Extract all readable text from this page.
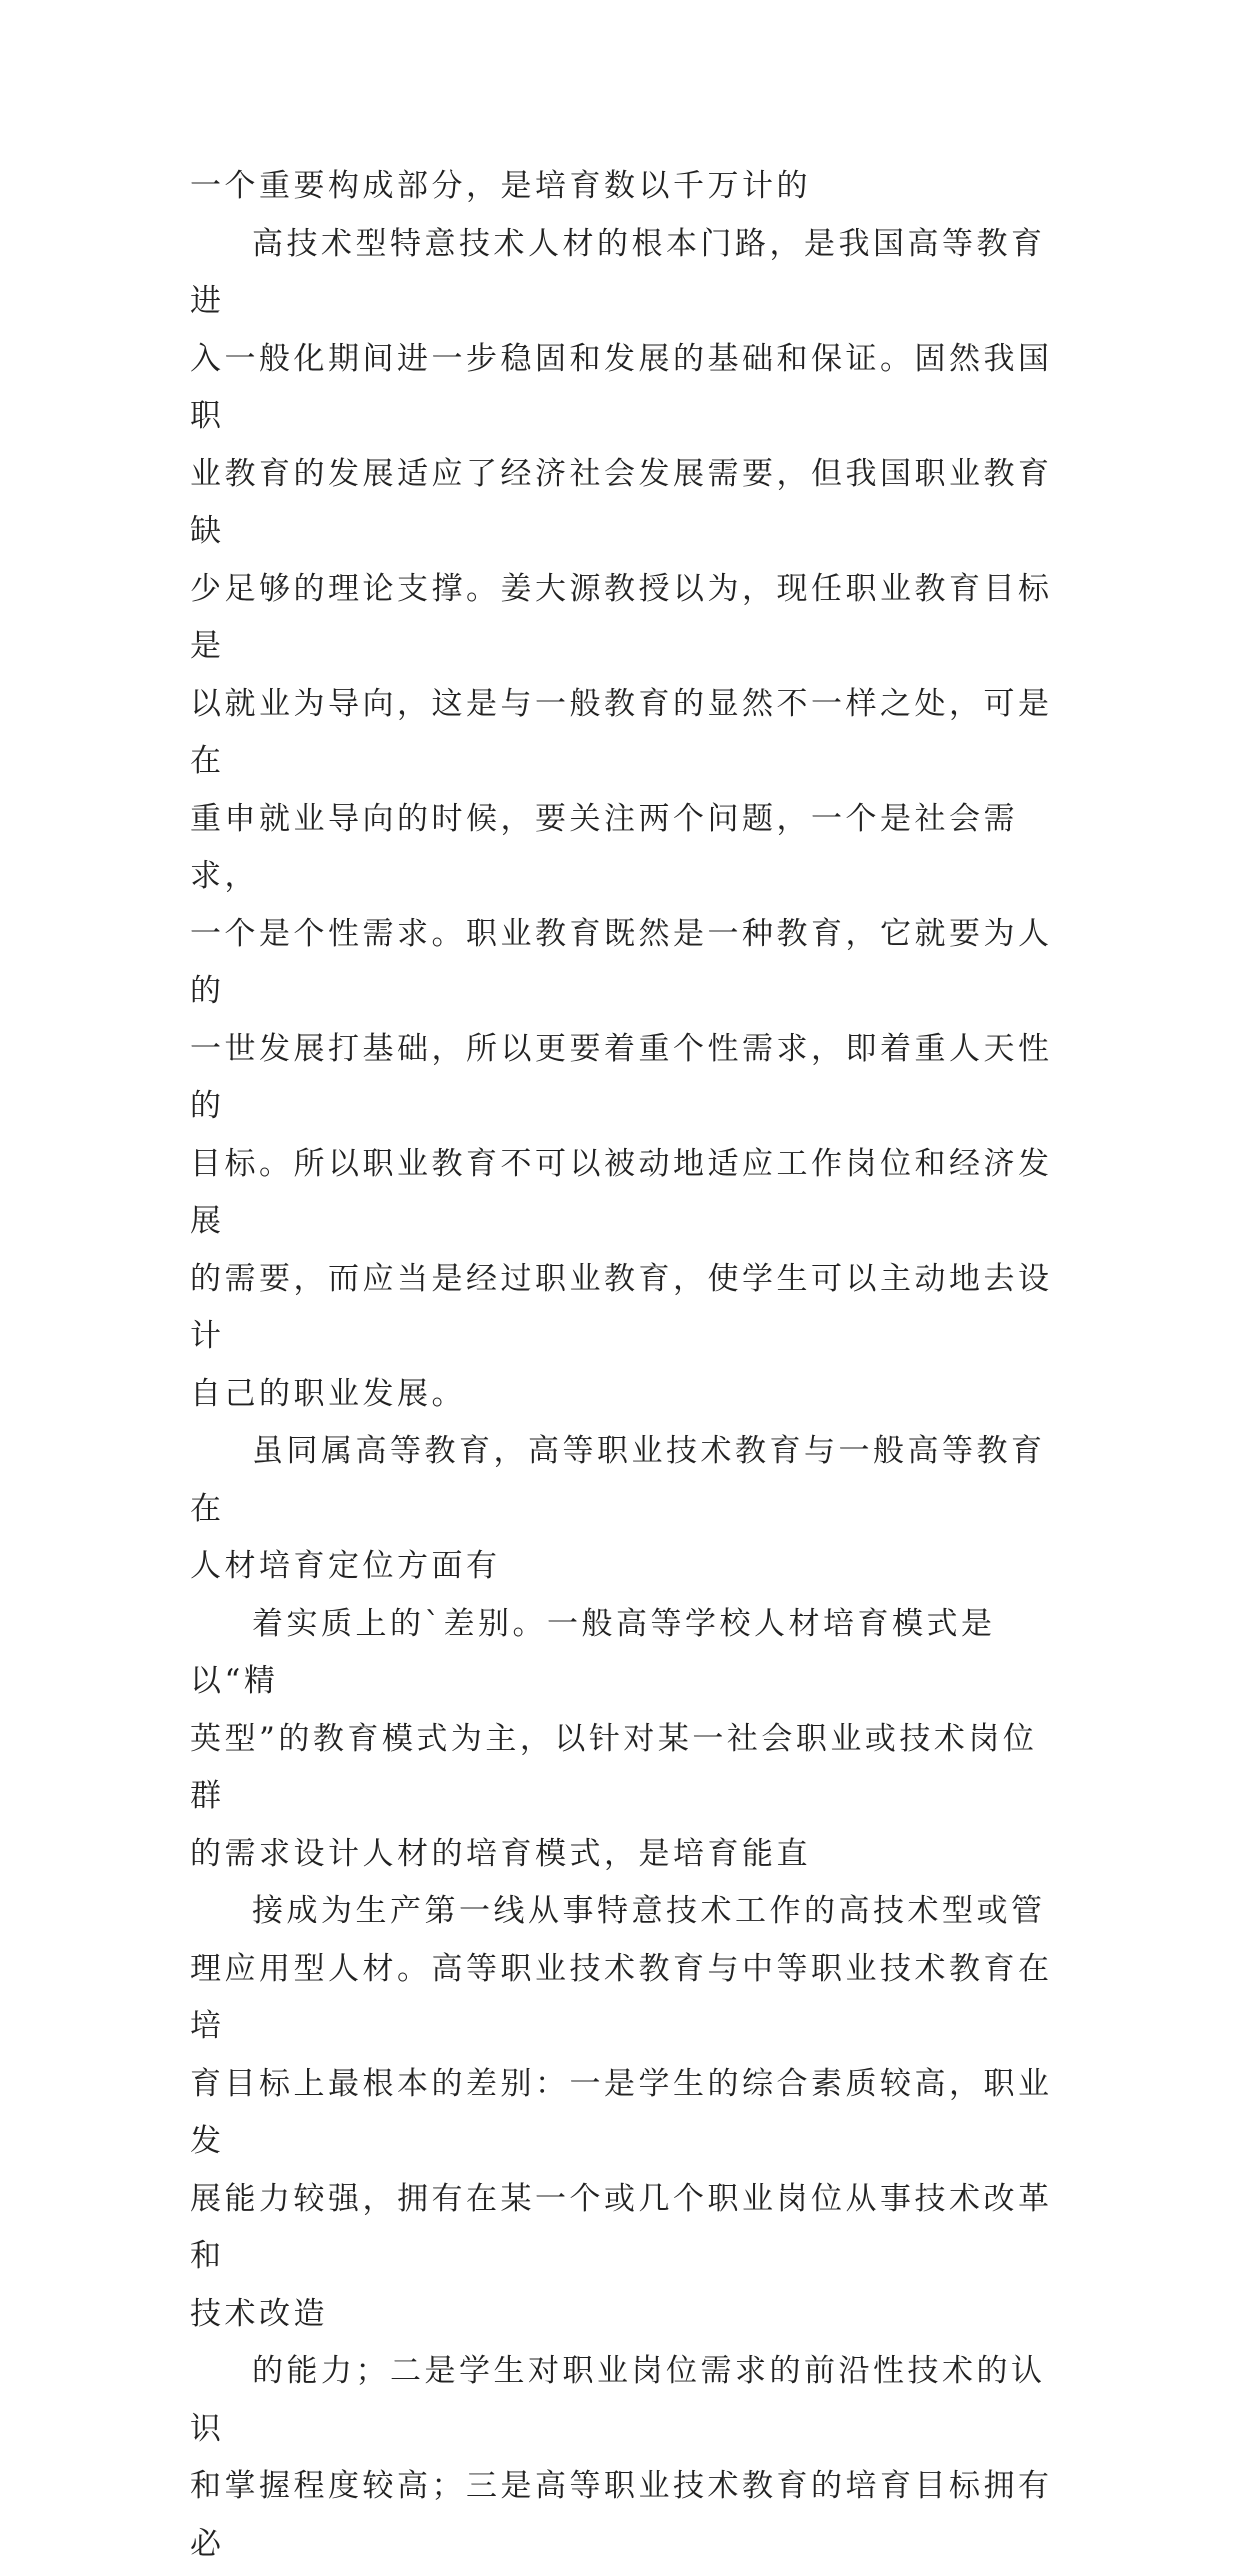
一个重要构成部分，是培育数以千万计的

高技术型特意技术人材的根本门路，是我国高等教育进
入一般化期间进一步稳固和发展的基础和保证。固然我国职
业教育的发展适应了经济社会发展需要，但我国职业教育缺
少足够的理论支撑。姜大源教授以为，现任职业教育目标是
以就业为导向，这是与一般教育的显然不一样之处，可是在
重申就业导向的时候，要关注两个问题，一个是社会需求，
一个是个性需求。职业教育既然是一种教育，它就要为人的
一世发展打基础，所以更要着重个性需求，即着重人天性的
目标。所以职业教育不可以被动地适应工作岗位和经济发展
的需要，而应当是经过职业教育，使学生可以主动地去设计
自己的职业发展。

虽同属高等教育，高等职业技术教育与一般高等教育在
人材培育定位方面有

着实质上的`差别。一般高等学校人材培育模式是以“精
英型”的教育模式为主，以针对某一社会职业或技术岗位群
的需求设计人材的培育模式，是培育能直

接成为生产第一线从事特意技术工作的高技术型或管
理应用型人材。高等职业技术教育与中等职业技术教育在培
育目标上最根本的差别：一是学生的综合素质较高，职业发
展能力较强，拥有在某一个或几个职业岗位从事技术改革和
技术改造

的能力；二是学生对职业岗位需求的前沿性技术的认识
和掌握程度较高；三是高等职业技术教育的培育目标拥有必
